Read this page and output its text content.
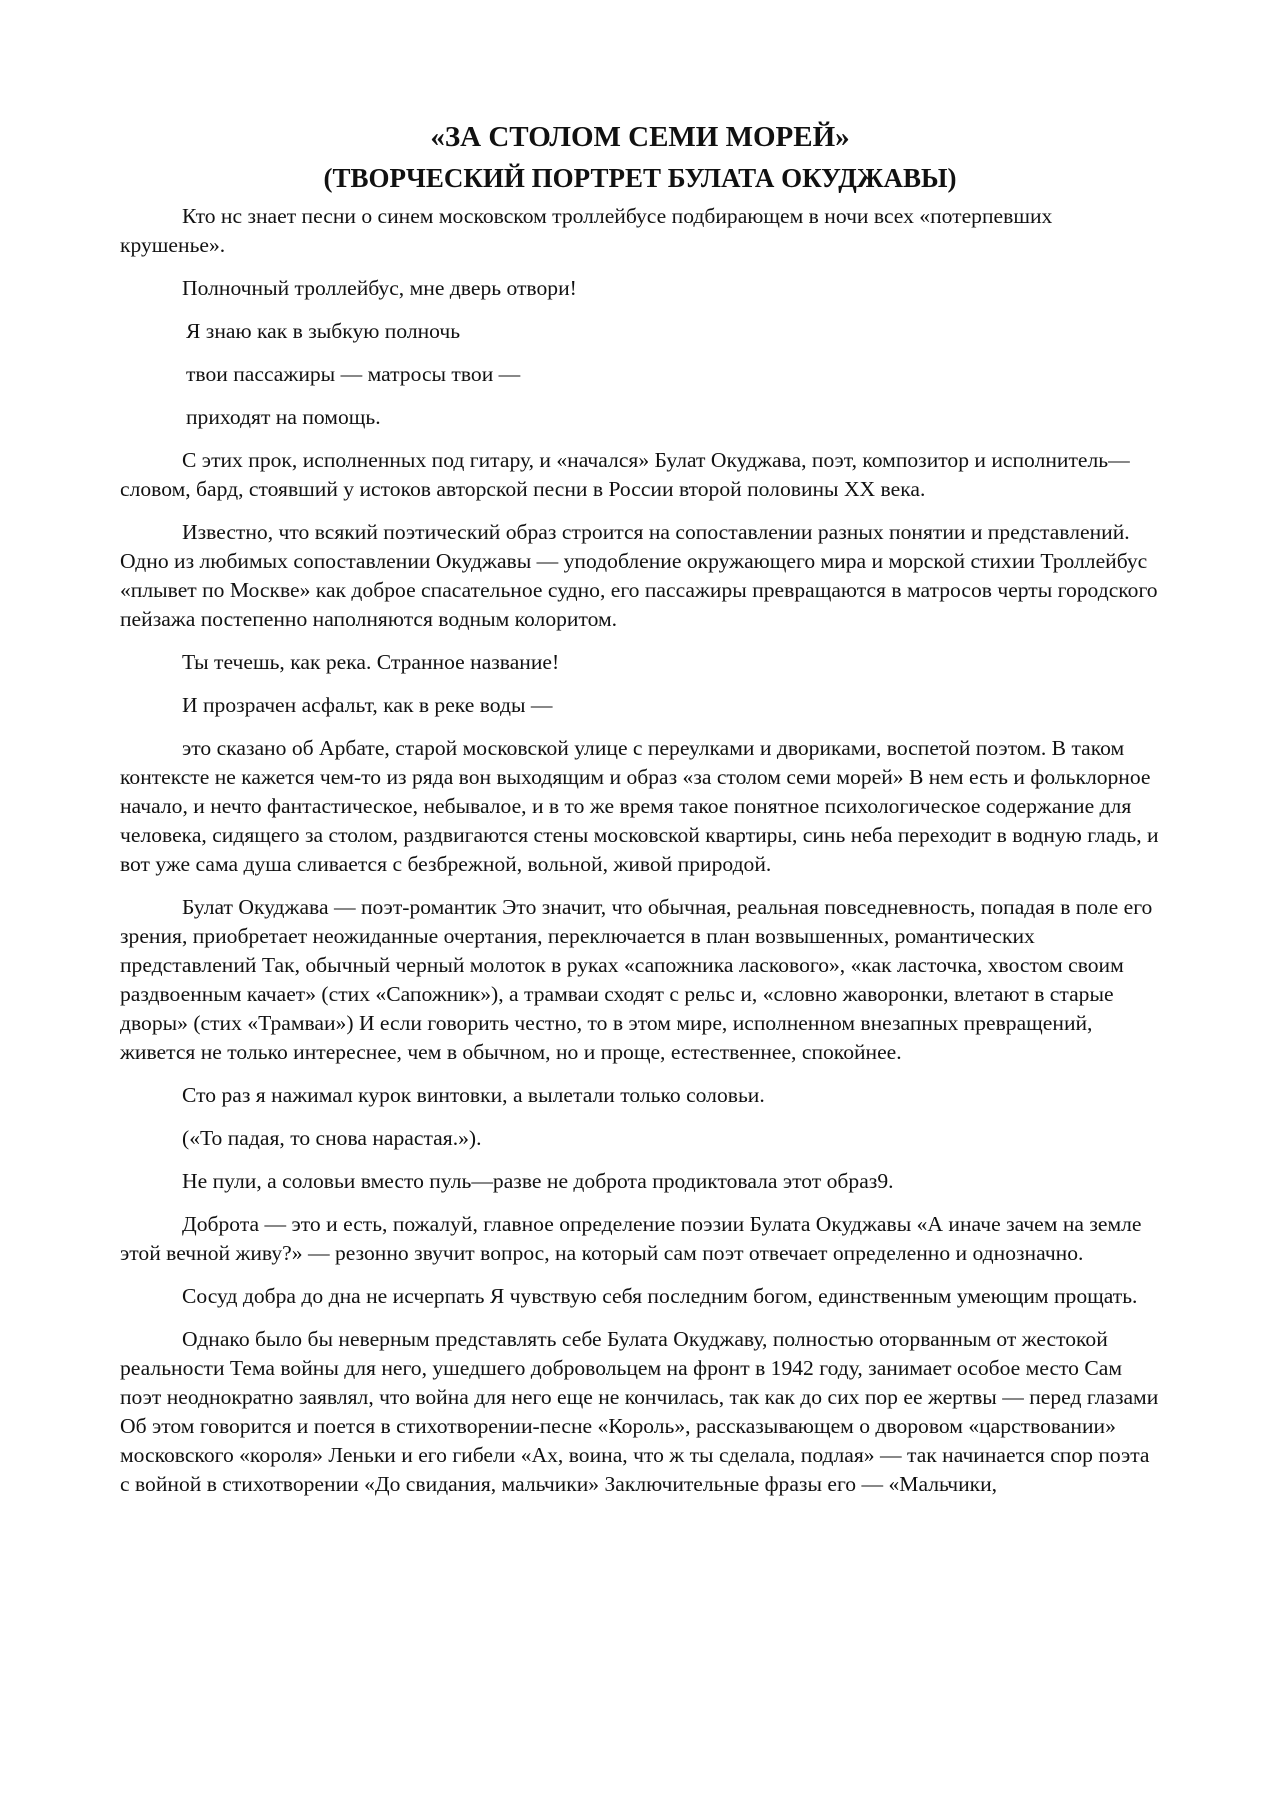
«ЗА СТОЛОМ СЕМИ МОРЕЙ»
(ТВОРЧЕСКИЙ ПОРТРЕТ БУЛАТА ОКУДЖАВЫ)
Кто нс знает песни о синем московском троллейбусе подбирающем в ночи всех «потерпевших крушенье».
Полночный троллейбус, мне дверь отвори!
Я знаю как в зыбкую полночь
твои пассажиры — матросы твои —
приходят на помощь.
С этих прок, исполненных под гитару, и «начался» Булат Окуджава, поэт, композитор и исполнитель—словом, бард, стоявший у истоков авторской песни в России второй половины XX века.
Известно, что всякий поэтический образ строится на сопоставлении разных понятии и представлений. Одно из любимых сопоставлении Окуджавы — уподобление окружающего мира и морской стихии Троллейбус «плывет по Москве» как доброе спасательное судно, его пассажиры превращаются в матросов черты городского пейзажа постепенно наполняются водным колоритом.
Ты течешь, как река. Странное название!
И прозрачен асфальт, как в реке воды —
это сказано об Арбате, старой московской улице с переулками и двориками, воспетой поэтом. В таком контексте не кажется чем-то из ряда вон выходящим и образ «за столом семи морей» В нем есть и фольклорное начало, и нечто фантастическое, небывалое, и в то же время такое понятное психологическое содержание для человека, сидящего за столом, раздвигаются стены московской квартиры, синь неба переходит в водную гладь, и вот уже сама душа сливается с безбрежной, вольной, живой природой.
Булат Окуджава — поэт-романтик Это значит, что обычная, реальная повседневность, попадая в поле его зрения, приобретает неожиданные очертания, переключается в план возвышенных, романтических представлений Так, обычный черный молоток в руках «сапожника ласкового», «как ласточка, хвостом своим раздвоенным качает» (стих «Сапожник»), а трамваи сходят с рельс и, «словно жаворонки, влетают в старые дворы» (стих «Трамваи») И если говорить честно, то в этом мире, исполненном внезапных превращений, живется не только интереснее, чем в обычном, но и проще, естественнее, спокойнее.
Сто раз я нажимал курок винтовки, а вылетали только соловьи.
(«То падая, то снова нарастая.»).
Не пули, а соловьи вместо пуль—разве не доброта продиктовала этот образ9.
Доброта — это и есть, пожалуй, главное определение поэзии Булата Окуджавы «А иначе зачем на земле этой вечной живу?» — резонно звучит вопрос, на который сам поэт отвечает определенно и однозначно.
Сосуд добра до дна не исчерпать Я чувствую себя последним богом, единственным умеющим прощать.
Однако было бы неверным представлять себе Булата Окуджаву, полностью оторванным от жестокой реальности Тема войны для него, ушедшего добровольцем на фронт в 1942 году, занимает особое место Сам поэт неоднократно заявлял, что война для него еще не кончилась, так как до сих пор ее жертвы — перед глазами Об этом говорится и поется в стихотворении-песне «Король», рассказывающем о дворовом «царствовании» московского «короля» Леньки и его гибели «Ах, воина, что ж ты сделала, подлая» — так начинается спор поэта с войной в стихотворении «До свидания, мальчики» Заключительные фразы его — «Мальчики,
